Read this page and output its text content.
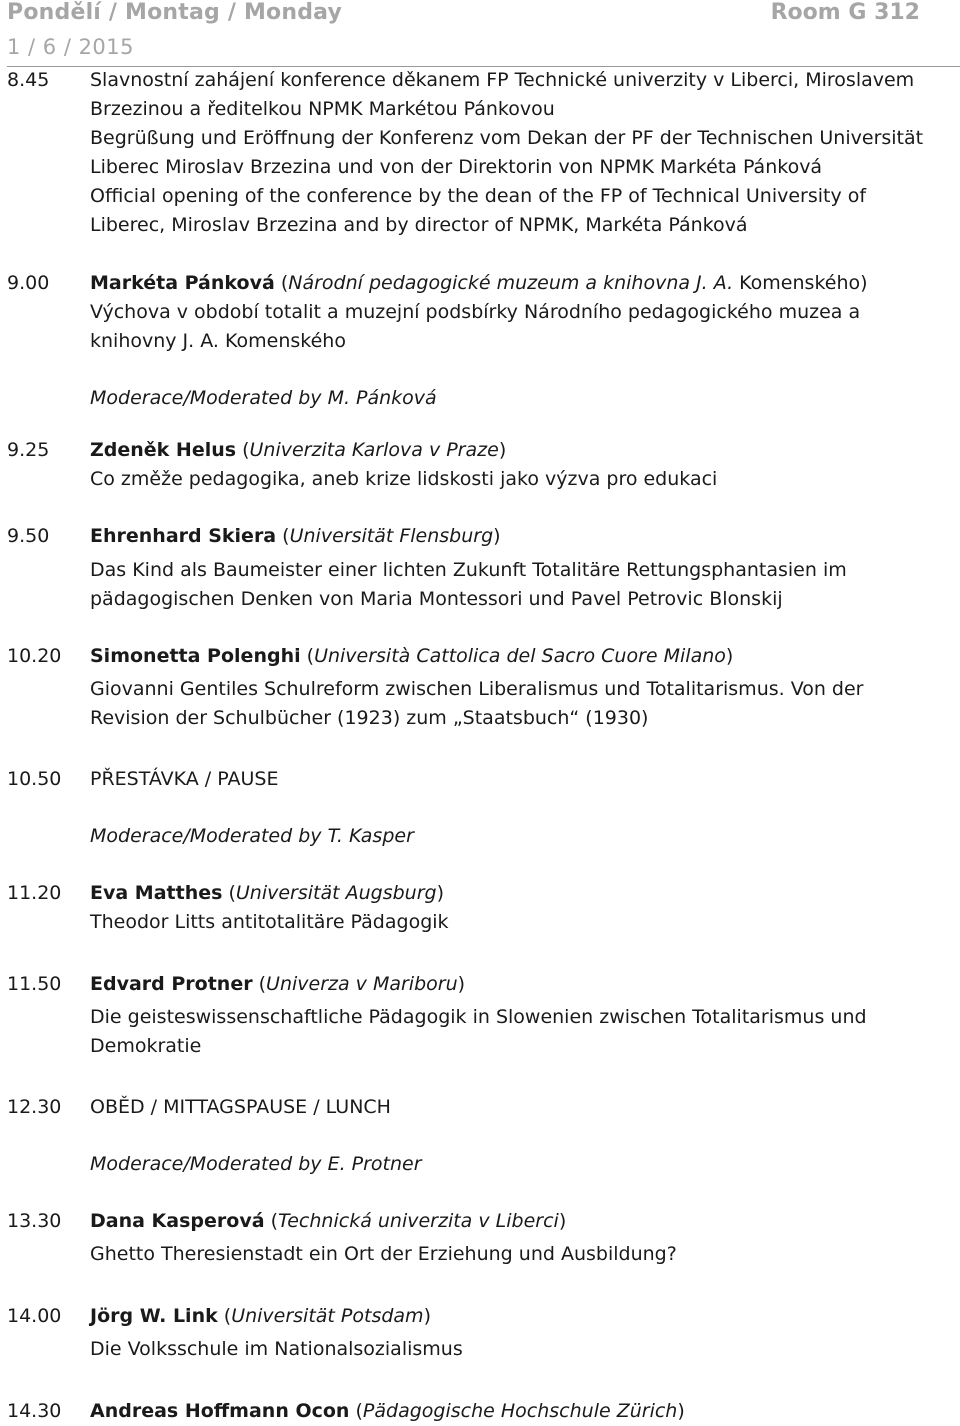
Pondělí / Montag / Monday	Room G 312
1 / 6 / 2015
8.45 Slavnostní zahájení konference děkanem FP Technické univerzity v Liberci, Miroslavem
Brzezinou a ředitelkou NPMK Markétou Pánkovou
Begrüßung und Eröffnung der Konferenz vom Dekan der PF der Technischen Universität
Liberec Miroslav Brzezina und von der Direktorin von NPMK Markéta Pánková
Official opening of the conference by the dean of the FP of Technical University of
Liberec, Miroslav Brzezina and by director of NPMK, Markéta Pánková
9.00 Markéta Pánková (Národní pedagogické muzeum a knihovna J. A. Komenského)
Výchova v období totalit a muzejní podsbírky Národního pedagogického muzea a
knihovny J. A. Komenského
Moderace/Moderated by M. Pánková
9.25 Zdeněk Helus (Univerzita Karlova v Praze)
Co změže pedagogika, aneb krize lidskosti jako výzva pro edukaci
9.50 Ehrenhard Skiera (Universität Flensburg)
Das Kind als Baumeister einer lichten Zukunft Totalitäre Rettungsphantasien im
pädagogischen Denken von Maria Montessori und Pavel Petrovic Blonskij
10.20 Simonetta Polenghi (Università Cattolica del Sacro Cuore Milano)
Giovanni Gentiles Schulreform zwischen Liberalismus und Totalitarismus. Von der
Revision der Schulbücher (1923) zum „Staatsbuch“ (1930)
10.50 PŘESTÁVKA / PAUSE
Moderace/Moderated by T. Kasper
11.20 Eva Matthes (Universität Augsburg)
Theodor Litts antitotalitäre Pädagogik
11.50 Edvard Protner (Univerza v Mariboru)
Die geisteswissenschaftliche Pädagogik in Slowenien zwischen Totalitarismus und
Demokratie
12.30 OBĚD / MITTAGSPAUSE / LUNCH
Moderace/Moderated by E. Protner
13.30 Dana Kasperová (Technická univerzita v Liberci)
Ghetto Theresienstadt ein Ort der Erziehung und Ausbildung?
14.00 Jörg W. Link (Universität Potsdam)
Die Volksschule im Nationalsozialismus
14.30 Andreas Hoffmann Ocon (Pädagogische Hochschule Zürich)
